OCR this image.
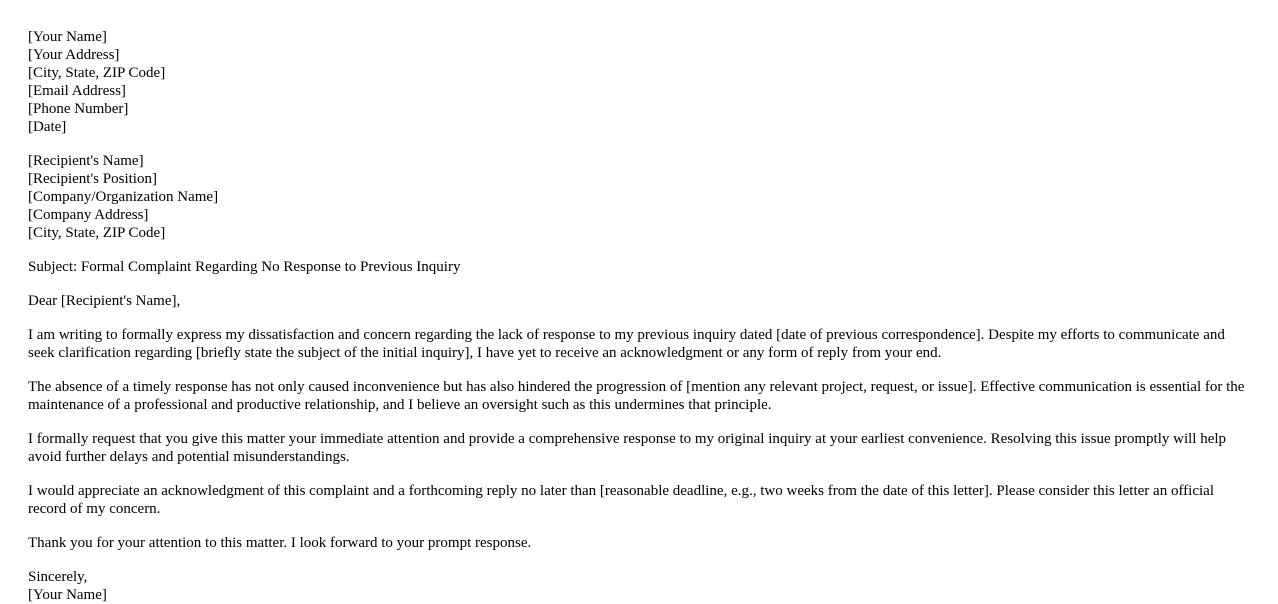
[Your Name]
[Your Address]
[City, State, ZIP Code]
[Email Address]
[Phone Number]
[Date]
[Recipient's Name]
[Recipient's Position]
[Company/Organization Name]
[Company Address]
[City, State, ZIP Code]

Subject: Formal Complaint Regarding No Response to Previous Inquiry

Dear [Recipient's Name],

I am writing to formally express my dissatisfaction and concern regarding the lack of response to my previous inquiry dated [date of previous correspondence]. Despite my efforts to communicate and seek clarification regarding [briefly state the subject of the initial inquiry], I have yet to receive an acknowledgment or any form of reply from your end.

The absence of a timely response has not only caused inconvenience but has also hindered the progression of [mention any relevant project, request, or issue]. Effective communication is essential for the maintenance of a professional and productive relationship, and I believe an oversight such as this undermines that principle.

I formally request that you give this matter your immediate attention and provide a comprehensive response to my original inquiry at your earliest convenience. Resolving this issue promptly will help avoid further delays and potential misunderstandings.

I would appreciate an acknowledgment of this complaint and a forthcoming reply no later than [reasonable deadline, e.g., two weeks from the date of this letter]. Please consider this letter an official record of my concern.

Thank you for your attention to this matter. I look forward to your prompt response.

Sincerely,
[Your Name]
